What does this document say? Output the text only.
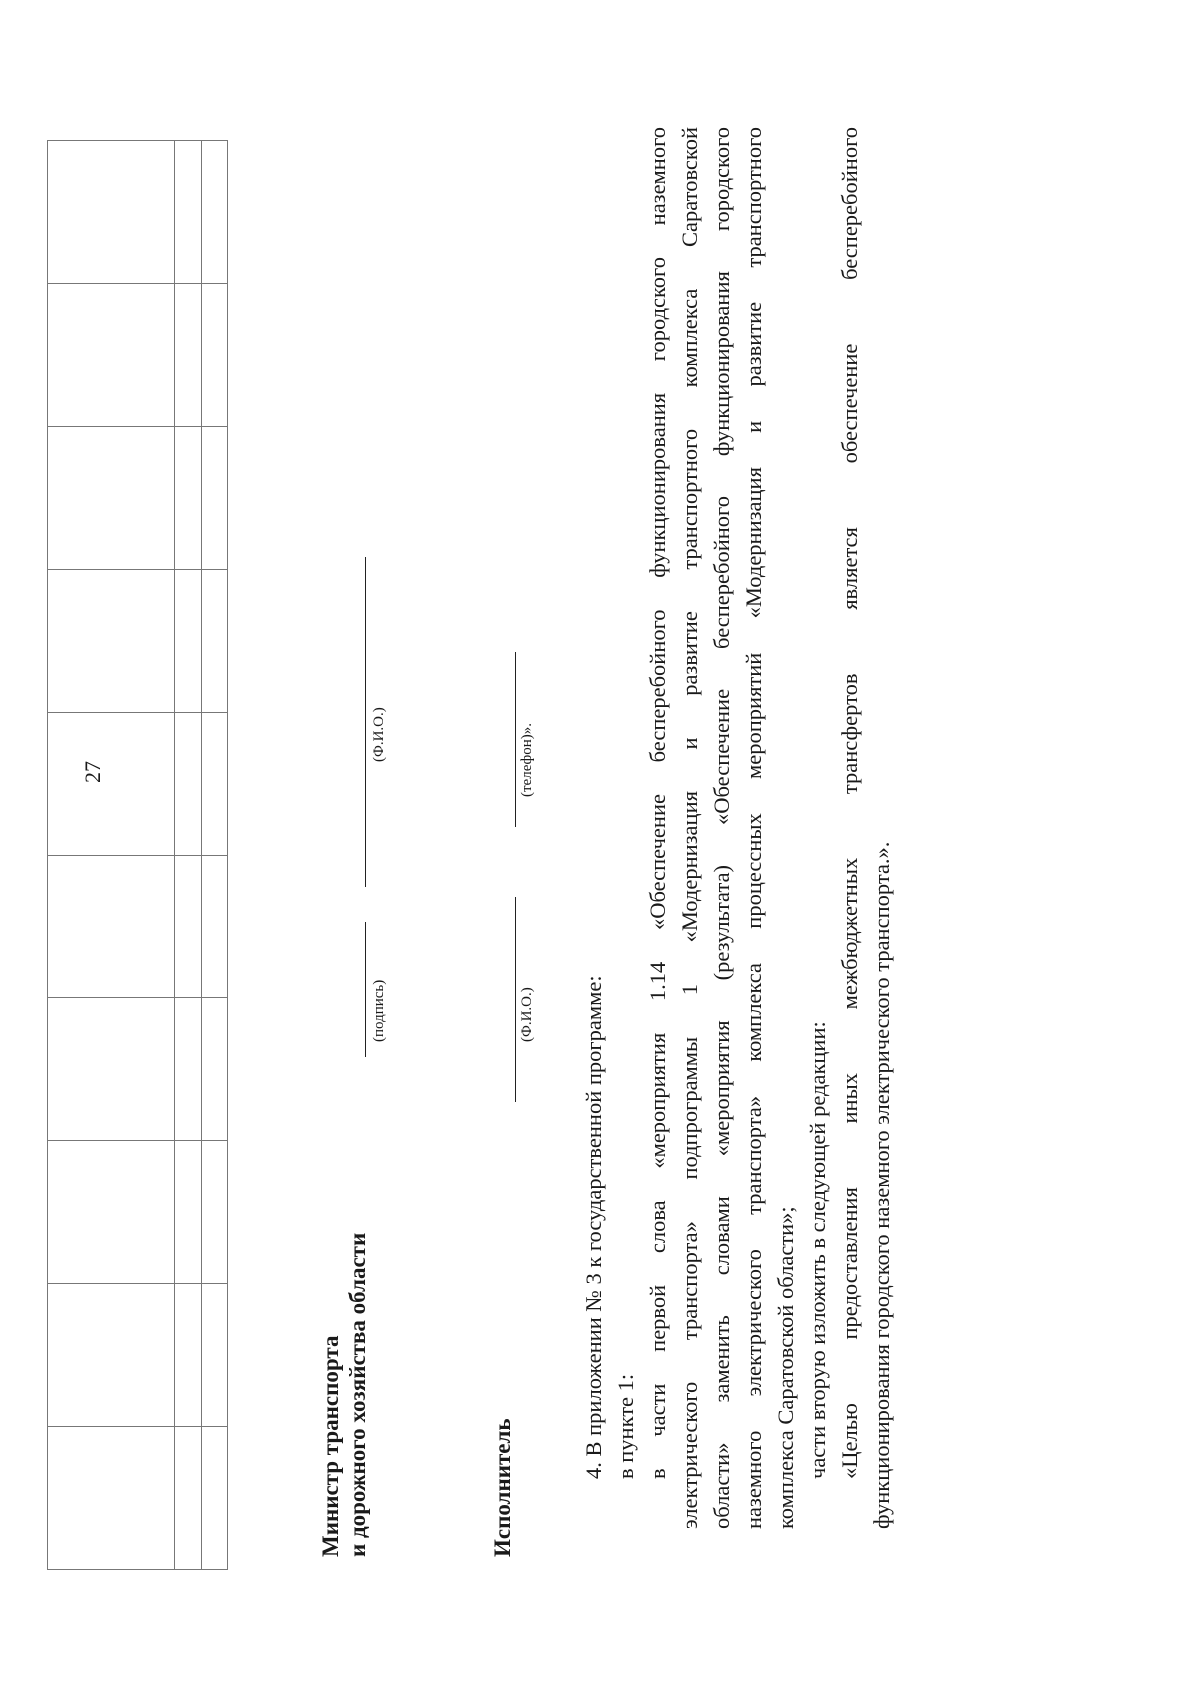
27

Министр транспорта и дорожного хозяйства области
(подпись)
(Ф.И.О.)
Исполнитель
(Ф.И.О.)
(телефон)».
4. В приложении № 3 к государственной программе: в пункте 1: в части первой слова «мероприятия 1.14 «Обеспечение бесперебойного функционирования городского наземного электрического транспорта» подпрограммы 1 «Модернизация и развитие транспортного комплекса Саратовской области» заменить словами «мероприятия (результата) «Обеспечение бесперебойного функционирования городского наземного электрического транспорта» комплекса процессных мероприятий «Модернизация и развитие транспортного комплекса Саратовской области»; части вторую изложить в следующей редакции: «Целью предоставления иных межбюджетных трансфертов является обеспечение бесперебойного функционирования городского наземного электрического транспорта.».
